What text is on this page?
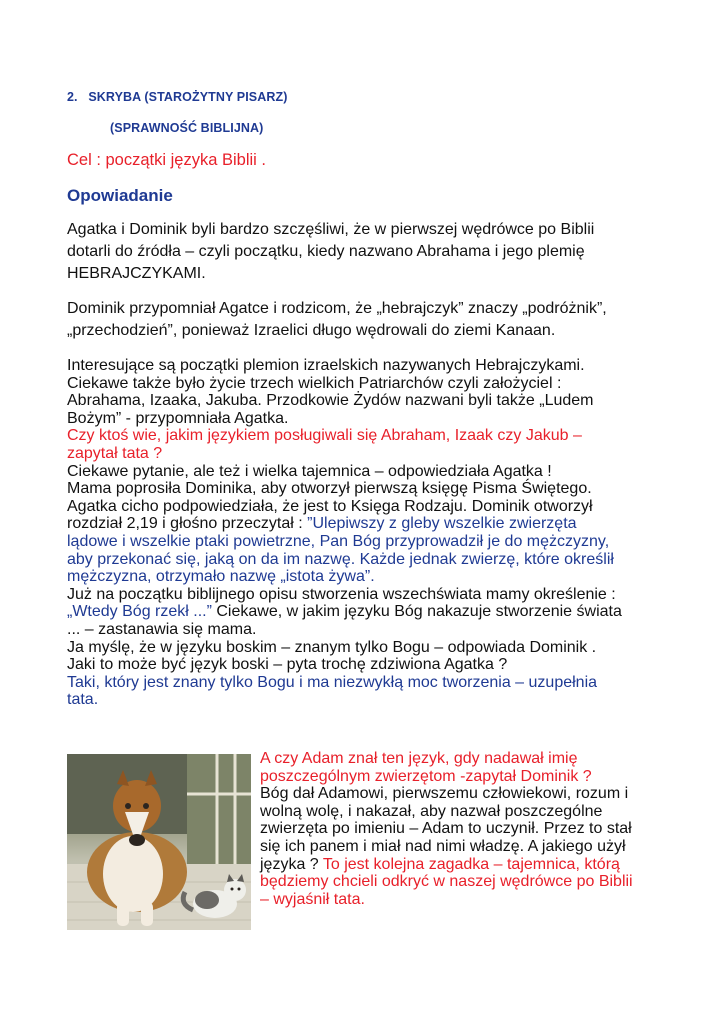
2. SKRYBA (STAROŻYTNY PISARZ)
(SPRAWNOŚĆ BIBLIJNA)
Cel : początki języka Biblii .
Opowiadanie
Agatka i Dominik byli bardzo szczęśliwi, że w pierwszej wędrówce po Biblii
dotarli do źródła – czyli początku, kiedy nazwano Abrahama i jego plemię
HEBRAJCZYKAMI.
Dominik przypomniał Agatce i rodzicom, że „hebrajczyk” znaczy „podróżnik”,
„przechodzień”, ponieważ Izraelici długo wędrowali do ziemi Kanaan.
Interesujące są początki plemion izraelskich nazywanych Hebrajczykami.
Ciekawe także było życie trzech wielkich Patriarchów czyli założyciel :
Abrahama, Izaaka, Jakuba. Przodkowie Żydów nazwani byli także „Ludem
Bożym” - przypomniała Agatka.
Czy ktoś wie, jakim językiem posługiwali się Abraham, Izaak czy Jakub –
zapytał tata ?
Ciekawe pytanie, ale też i wielka tajemnica – odpowiedziała Agatka !
Mama poprosiła Dominika, aby otworzył pierwszą księgę Pisma Świętego.
Agatka cicho podpowiedziała, że jest to Księga Rodzaju. Dominik otworzył
rozdział 2,19 i głośno przeczytał : ”Ulepiwszy z gleby wszelkie zwierzęta
lądowe i wszelkie ptaki powietrzne, Pan Bóg przyprowadził je do mężczyzny,
aby przekonać się, jaką on da im nazwę. Każde jednak zwierzę, które określił
mężczyzna, otrzymało nazwę „istota żywa”.
Już na początku biblijnego opisu stworzenia wszechświata mamy określenie :
„Wtedy Bóg rzekł ...” Ciekawe, w jakim języku Bóg nakazuje stworzenie świata
... – zastanawia się mama.
Ja myślę, że w języku boskim – znanym tylko Bogu – odpowiada Dominik .
Jaki to może być język boski – pyta trochę zdziwiona Agatka ?
Taki, który jest znany tylko Bogu i ma niezwykłą moc tworzenia – uzupełnia
tata.
A czy Adam znał ten język, gdy nadawał imię
poszczególnym zwierzętom -zapytał Dominik ?
Bóg dał Adamowi, pierwszemu człowiekowi, rozum i
wolną wolę, i nakazał, aby nazwał poszczególne
zwierzęta po imieniu – Adam to uczynił. Przez to stał
się ich panem i miał nad nimi władzę. A jakiego użył
języka ? To jest kolejna zagadka – tajemnica, którą
będziemy chcieli odkryć w naszej wędrówce po Biblii
– wyjaśnił tata.
